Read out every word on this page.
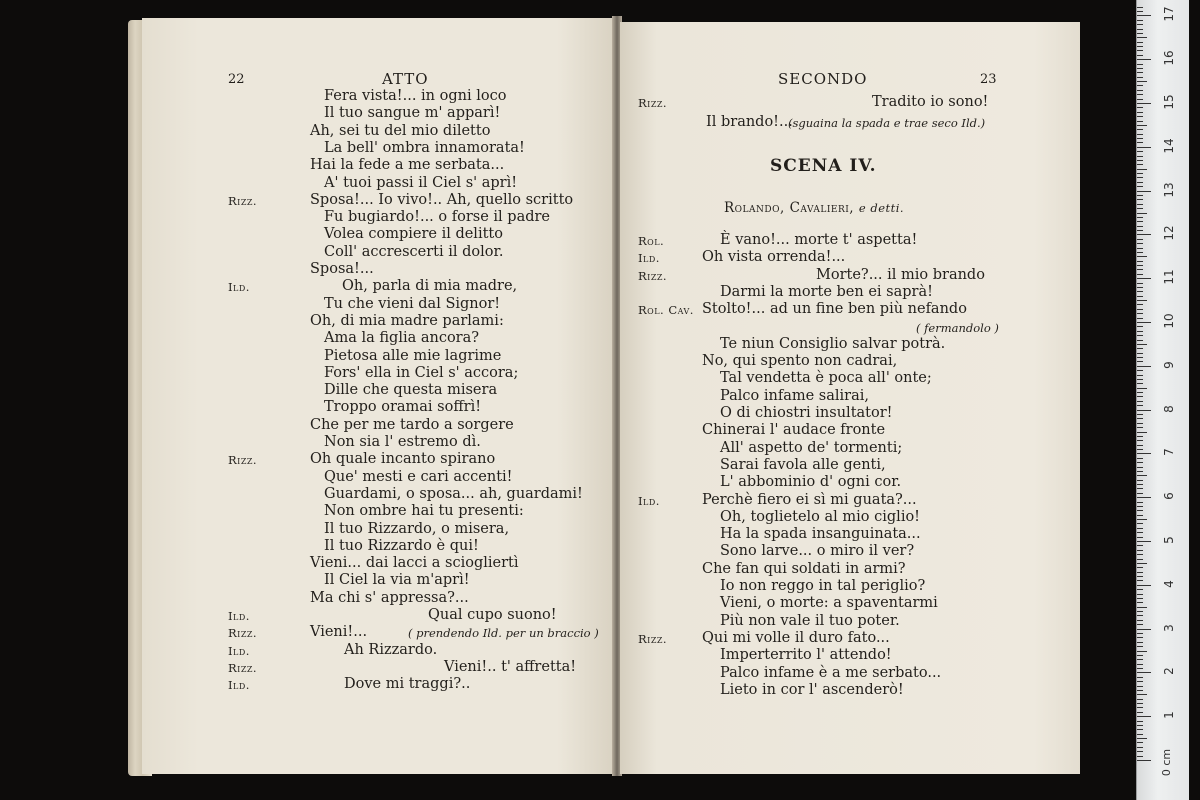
22	ATTO
Fera vista!... in ogni loco
Il tuo sangue m' apparì!
Ah, sei tu del mio diletto
La bell' ombra innamorata!
Hai la fede a me serbata...
A' tuoi passi il Ciel s' aprì!
Rizz.	Sposa!... Io vivo!.. Ah, quello scritto
Fu bugiardo!... o forse il padre
Volea compiere il delitto
Coll' accrescerti il dolor.
Sposa!...
Ild.	Oh, parla di mia madre,
Tu che vieni dal Signor!
Oh, di mia madre parlami:
Ama la figlia ancora?
Pietosa alle mie lagrime
Fors' ella in Ciel s' accora;
Dille che questa misera
Troppo oramai soffrì!
Che per me tardo a sorgere
Non sia l' estremo dì.
Rizz.	Oh quale incanto spirano
Que' mesti e cari accenti!
Guardami, o sposa... ah, guardami!
Non ombre hai tu presenti:
Il tuo Rizzardo, o misera,
Il tuo Rizzardo è qui!
Vieni... dai lacci a sciogliertì
Il Ciel la via m'aprì!
Ma chi s' appressa?...
Ild.	Qual cupo suono!
Rizz.	Vieni!...	( prendendo Ild. per un braccio )
Ild.	Ah Rizzardo.
Rizz.	Vieni!.. t' affretta!
Ild.	Dove mi traggi?..
SECONDO	23
Rizz.	Tradito io sono!
Il brando!...
(sguaina la spada e trae seco Ild.)
SCENA IV.
Rolando, Cavalieri, e detti.
Rol.	È vano!... morte t' aspetta!
Ild.	Oh vista orrenda!...
Rizz.	Morte?... il mio brando
Darmi la morte ben ei saprà!
Rol. Cav. Stolto!... ad un fine ben più nefando
( fermandolo )
Te niun Consiglio salvar potrà.
No, qui spento non cadrai,
Tal vendetta è poca all' onte;
Palco infame salirai,
O di chiostri insultator!
Chinerai l' audace fronte
All' aspetto de' tormenti;
Sarai favola alle genti,
L' abbominio d' ogni cor.
Ild.	Perchè fiero ei sì mi guata?...
Oh, toglietelo al mio ciglio!
Ha la spada insanguinata...
Sono larve... o miro il ver?
Che fan qui soldati in armi?
Io non reggo in tal periglio?
Vieni, o morte: a spaventarmi
Più non vale il tuo poter.
Rizz. Qui mi volle il duro fato...
Imperterrito l' attendo!
Palco infame è a me serbato...
Lieto in cor l' ascenderò!
1
2
3
4
5
6
7
8
9
10
11
12
13
14
15
16
17
0 cm
